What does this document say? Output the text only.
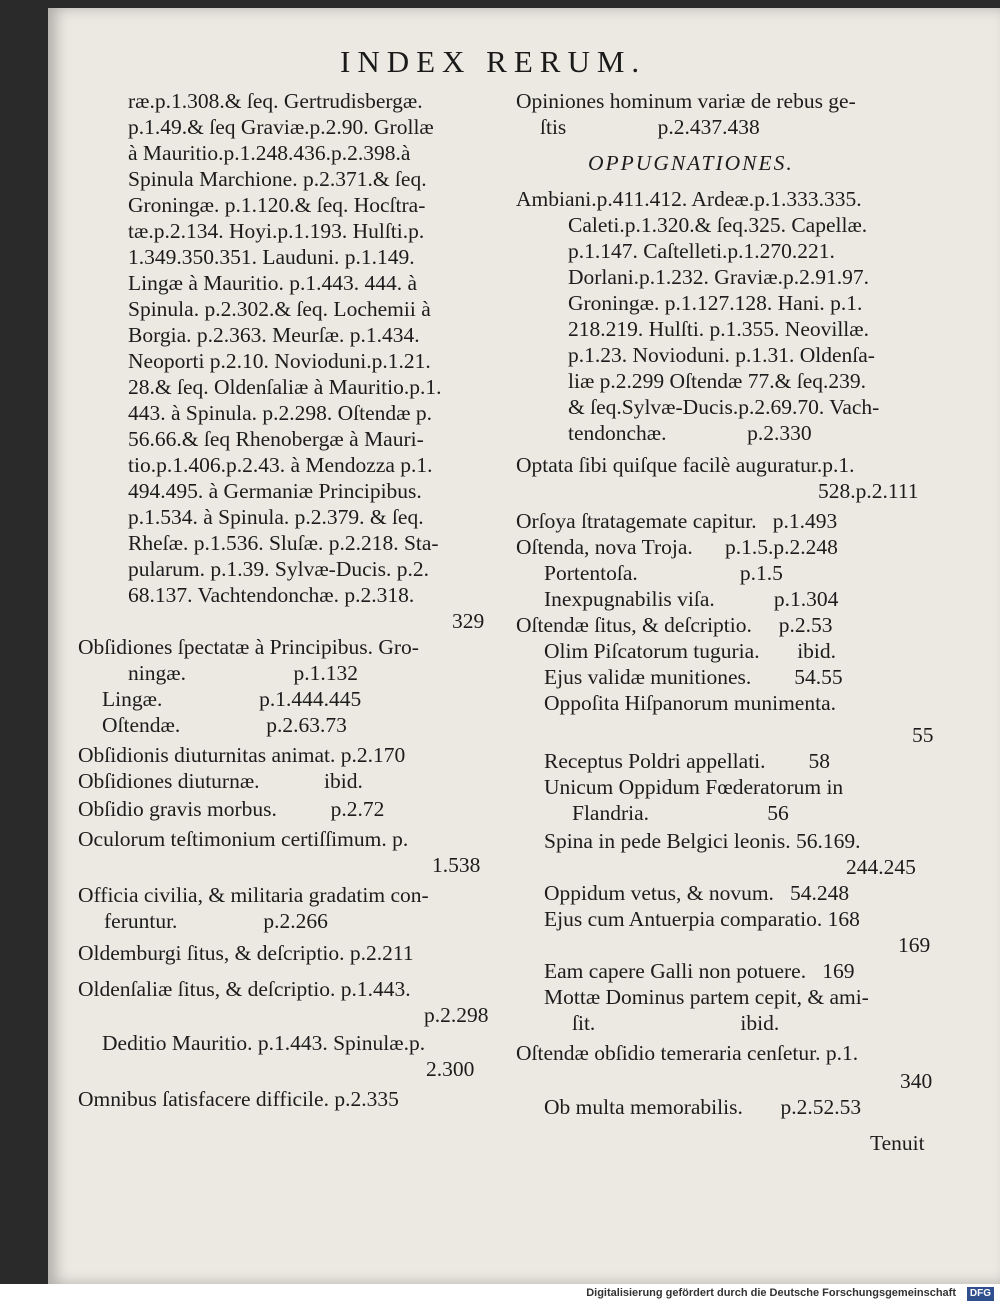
INDEX RERUM.
ræ.p.1.308.& ſeq. Gertrudisbergæ.
p.1.49.& ſeq Graviæ.p.2.90. Grollæ
à Mauritio.p.1.248.436.p.2.398.à
Spinula Marchione. p.2.371.& ſeq.
Groningæ. p.1.120.& ſeq. Hocſtra-
tæ.p.2.134. Hoyi.p.1.193. Hulſti.p.
1.349.350.351. Lauduni. p.1.149.
Lingæ à Mauritio. p.1.443. 444. à
Spinula. p.2.302.& ſeq. Lochemii à
Borgia. p.2.363. Meurſæ. p.1.434.
Neoporti p.2.10. Novioduni.p.1.21.
28.& ſeq. Oldenſaliæ à Mauritio.p.1.
443. à Spinula. p.2.298. Oſtendæ p.
56.66.& ſeq Rhenobergæ à Mauri-
tio.p.1.406.p.2.43. à Mendozza p.1.
494.495. à Germaniæ Principibus.
p.1.534. à Spinula. p.2.379. & ſeq.
Rheſæ. p.1.536. Sluſæ. p.2.218. Sta-
pularum. p.1.39. Sylvæ-Ducis. p.2.
68.137. Vachtendonchæ. p.2.318.
329
Obſidiones ſpectatæ à Principibus. Gro-
ningæ.                    p.1.132
Lingæ.                  p.1.444.445
Oſtendæ.                p.2.63.73
Obſidionis diuturnitas animat. p.2.170
Obſidiones diuturnæ.            ibid.
Obſidio gravis morbus.          p.2.72
Oculorum teſtimonium certiſſimum. p.
1.538
Officia civilia, & militaria gradatim con-
feruntur.                p.2.266
Oldemburgi ſitus, & deſcriptio. p.2.211
Oldenſaliæ ſitus, & deſcriptio. p.1.443.
p.2.298
Deditio Mauritio. p.1.443. Spinulæ.p.
2.300
Omnibus ſatisfacere difficile. p.2.335
Opiniones hominum variæ de rebus ge-
ſtis                 p.2.437.438
OPPUGNATIONES.
Ambiani.p.411.412. Ardeæ.p.1.333.335.
Caleti.p.1.320.& ſeq.325. Capellæ.
p.1.147. Caſtelleti.p.1.270.221.
Dorlani.p.1.232. Graviæ.p.2.91.97.
Groningæ. p.1.127.128. Hani. p.1.
218.219. Hulſti. p.1.355. Neovillæ.
p.1.23. Novioduni. p.1.31. Oldenſa-
liæ p.2.299 Oſtendæ 77.& ſeq.239.
& ſeq.Sylvæ-Ducis.p.2.69.70. Vach-
tendonchæ.               p.2.330
Optata ſibi quiſque facilè auguratur.p.1.
528.p.2.111
Orſoya ſtratagemate capitur.   p.1.493
Oſtenda, nova Troja.      p.1.5.p.2.248
Portentoſa.                   p.1.5
Inexpugnabilis viſa.           p.1.304
Oſtendæ ſitus, & deſcriptio.     p.2.53
Olim Piſcatorum tuguria.       ibid.
Ejus validæ munitiones.        54.55
Oppoſita Hiſpanorum munimenta.
55
Receptus Poldri appellati.        58
Unicum Oppidum Fœderatorum in
Flandria.                      56
Spina in pede Belgici leonis. 56.169.
244.245
Oppidum vetus, & novum.   54.248
Ejus cum Antuerpia comparatio. 168
169
Eam capere Galli non potuere.   169
Mottæ Dominus partem cepit, & ami-
ſit.                           ibid.
Oſtendæ obſidio temeraria cenſetur. p.1.
340
Ob multa memorabilis.       p.2.52.53
Tenuit
Digitalisierung gefördert durch die Deutsche Forschungsgemeinschaft	DFG
